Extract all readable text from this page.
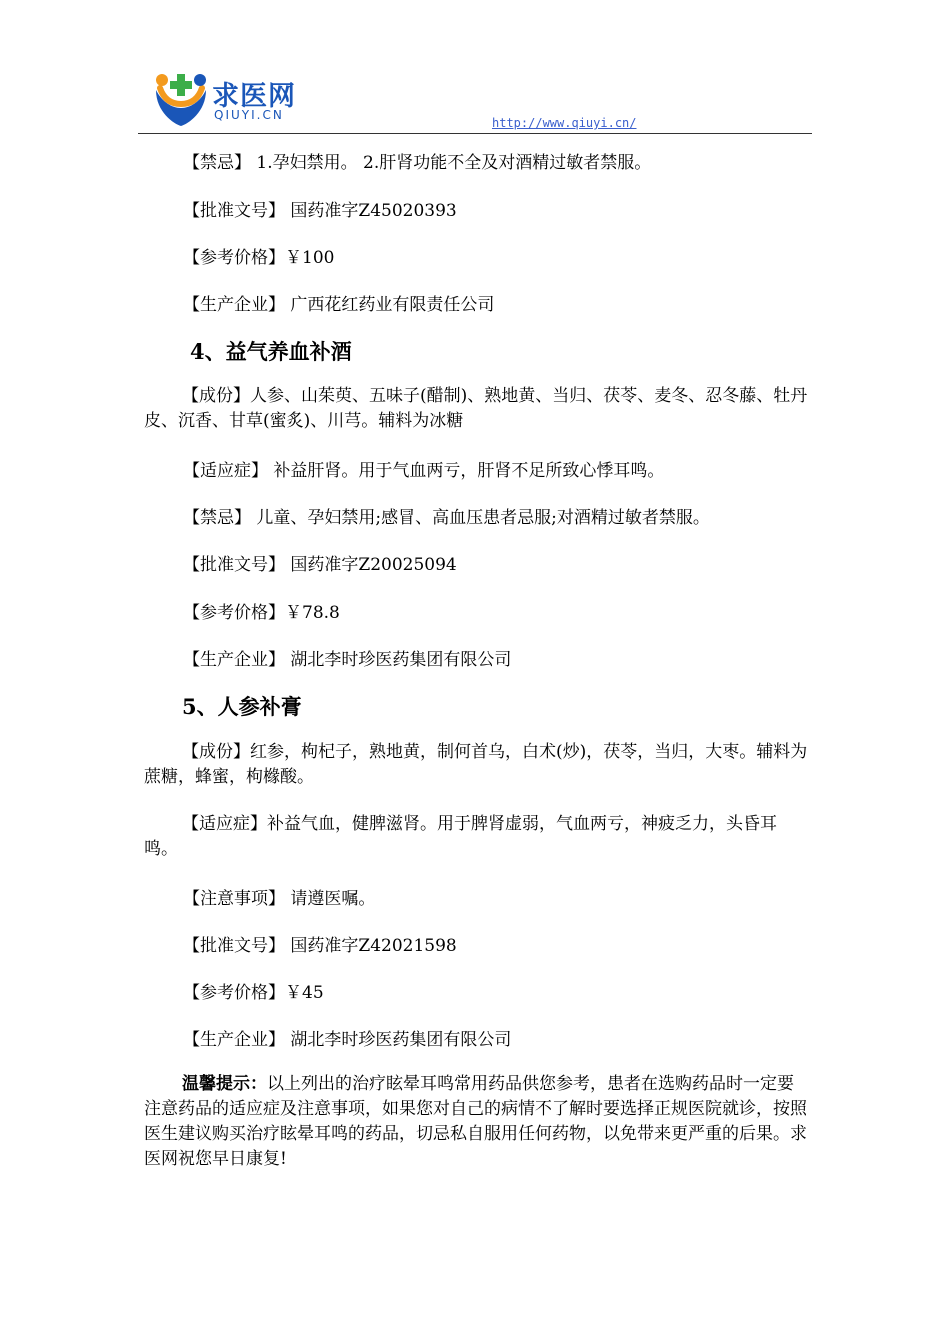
求医网
QIUYI.CN
http://www.qiuyi.cn/
【禁忌】 1.孕妇禁用。 2.肝肾功能不全及对酒精过敏者禁服。
【批准文号】 国药准字Z45020393
【参考价格】￥100
【生产企业】 广西花红药业有限责任公司
4、益气养血补酒
【成份】人参、山茱萸、五味子(醋制)、熟地黄、当归、茯苓、麦冬、忍冬藤、牡丹皮、沉香、甘草(蜜炙)、川芎。辅料为冰糖
【适应症】 补益肝肾。用于气血两亏，肝肾不足所致心悸耳鸣。
【禁忌】 儿童、孕妇禁用;感冒、高血压患者忌服;对酒精过敏者禁服。
【批准文号】 国药准字Z20025094
【参考价格】￥78.8
【生产企业】 湖北李时珍医药集团有限公司
5、人参补膏
【成份】红参，枸杞子，熟地黄，制何首乌，白术(炒)，茯苓，当归，大枣。辅料为蔗糖，蜂蜜，枸橼酸。
【适应症】补益气血，健脾滋肾。用于脾肾虚弱，气血两亏，神疲乏力，头昏耳鸣。
【注意事项】 请遵医嘱。
【批准文号】 国药准字Z42021598
【参考价格】￥45
【生产企业】 湖北李时珍医药集团有限公司
温馨提示：以上列出的治疗眩晕耳鸣常用药品供您参考，患者在选购药品时一定要注意药品的适应症及注意事项，如果您对自己的病情不了解时要选择正规医院就诊，按照医生建议购买治疗眩晕耳鸣的药品，切忌私自服用任何药物，以免带来更严重的后果。求医网祝您早日康复!
